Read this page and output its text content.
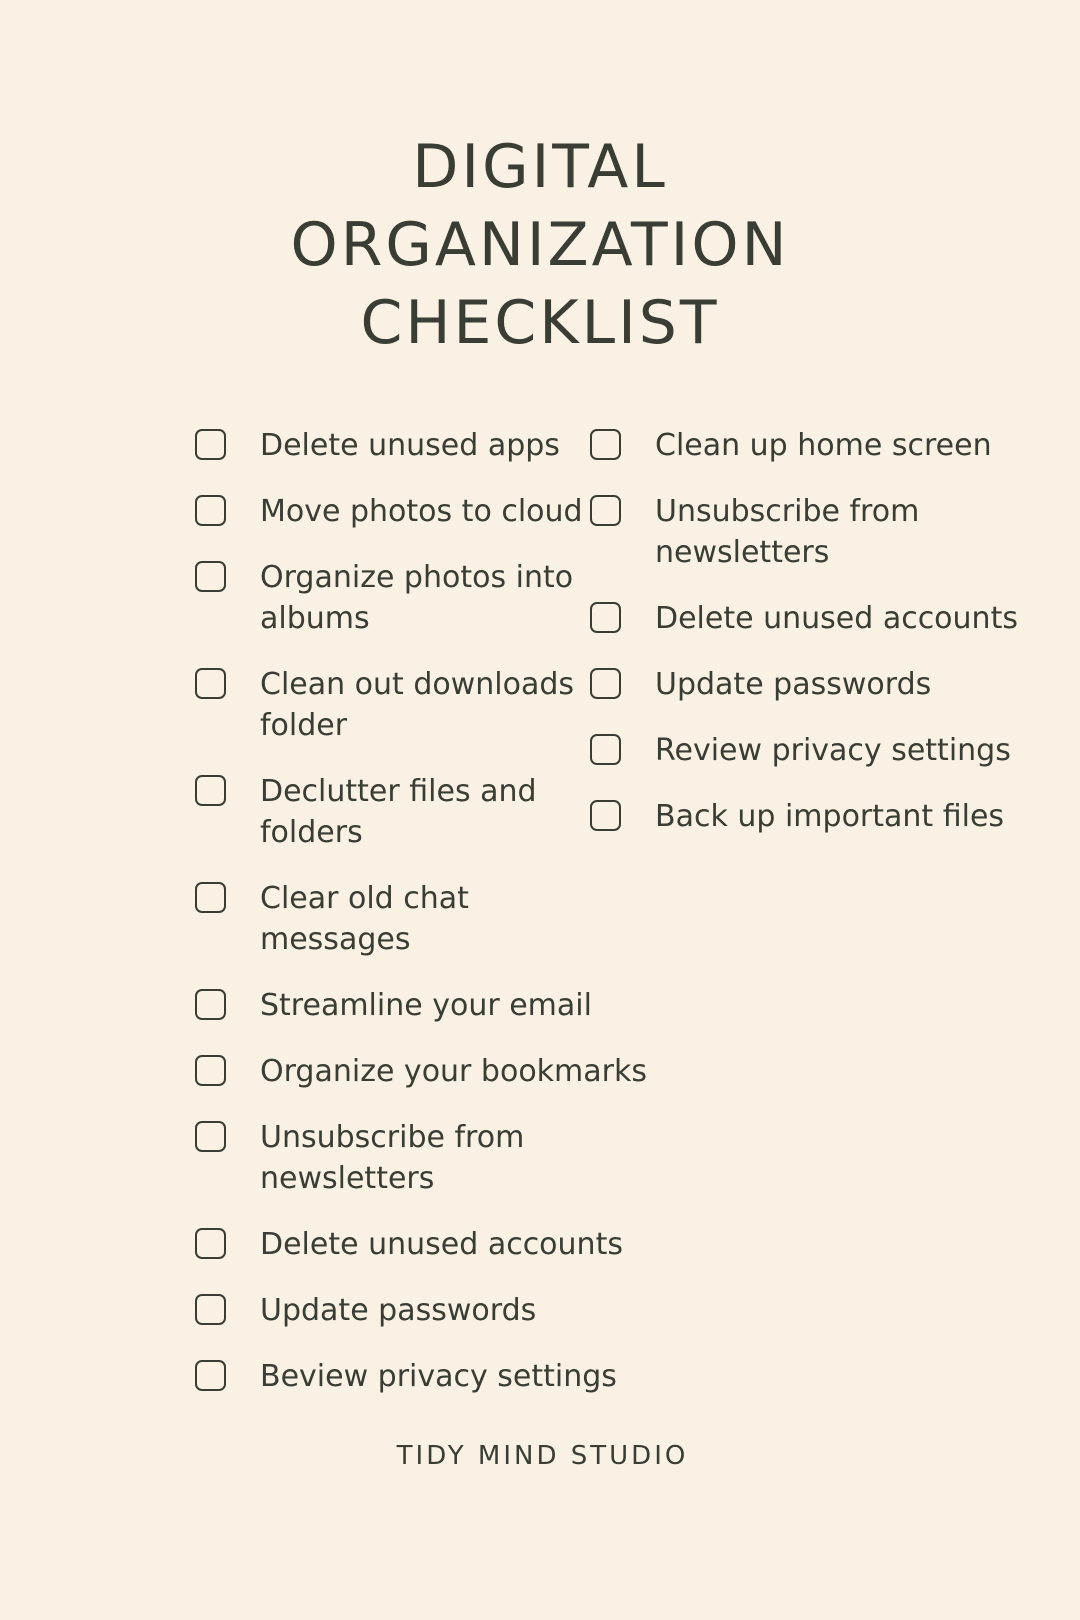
DIGITAL
ORGANIZATION
CHECKLIST
Delete unused apps
Move photos to cloud
Organize photos into albums
Clean out downloads folder
Declutter files and folders
Clear old chat messages
Streamline your email
Organize your bookmarks
Unsubscribe from newsletters
Delete unused accounts
Update passwords
Beview privacy settings
Clean up home screen
Unsubscribe from newsletters
Delete unused accounts
Update passwords
Review privacy settings
Back up important files
TIDY MIND STUDIO
